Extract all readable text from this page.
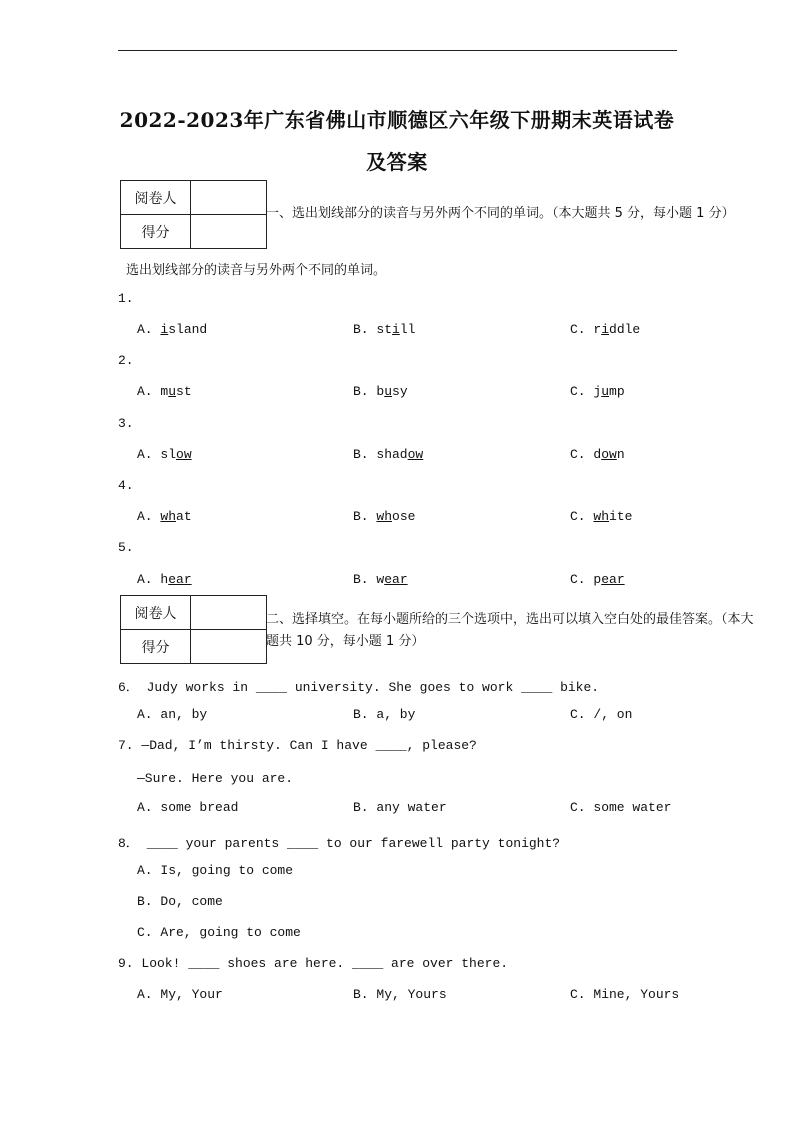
2022-2023年广东省佛山市顺德区六年级下册期末英语试卷
及答案
阅卷人	
得分	
一、选出划线部分的读音与另外两个不同的单词。（本大题共 5 分，每小题 1 分）
选出划线部分的读音与另外两个不同的单词。
1.
A. island	B. still	C. riddle
2.
A. must	B. busy	C. jump
3.
A. slow	B. shadow	C. down
4.
A. what	B. whose	C. white
5.
A. hear	B. wear	C. pear
阅卷人	
得分	
二、选择填空。在每小题所给的三个选项中，选出可以填入空白处的最佳答案。（本大
题共 10 分，每小题 1 分）
6． Judy works in ____ university. She goes to work ____ bike.
A. an, by	B. a, by	C. /, on
7. —Dad, I’m thirsty. Can I have ____, please?
—Sure. Here you are.
A. some bread	B. any water	C. some water
8． ____ your parents ____ to our farewell party tonight?
A. Is, going to come
B. Do, come
C. Are, going to come
9. Look! ____ shoes are here. ____ are over there.
A. My, Your	B. My, Yours	C. Mine, Yours
